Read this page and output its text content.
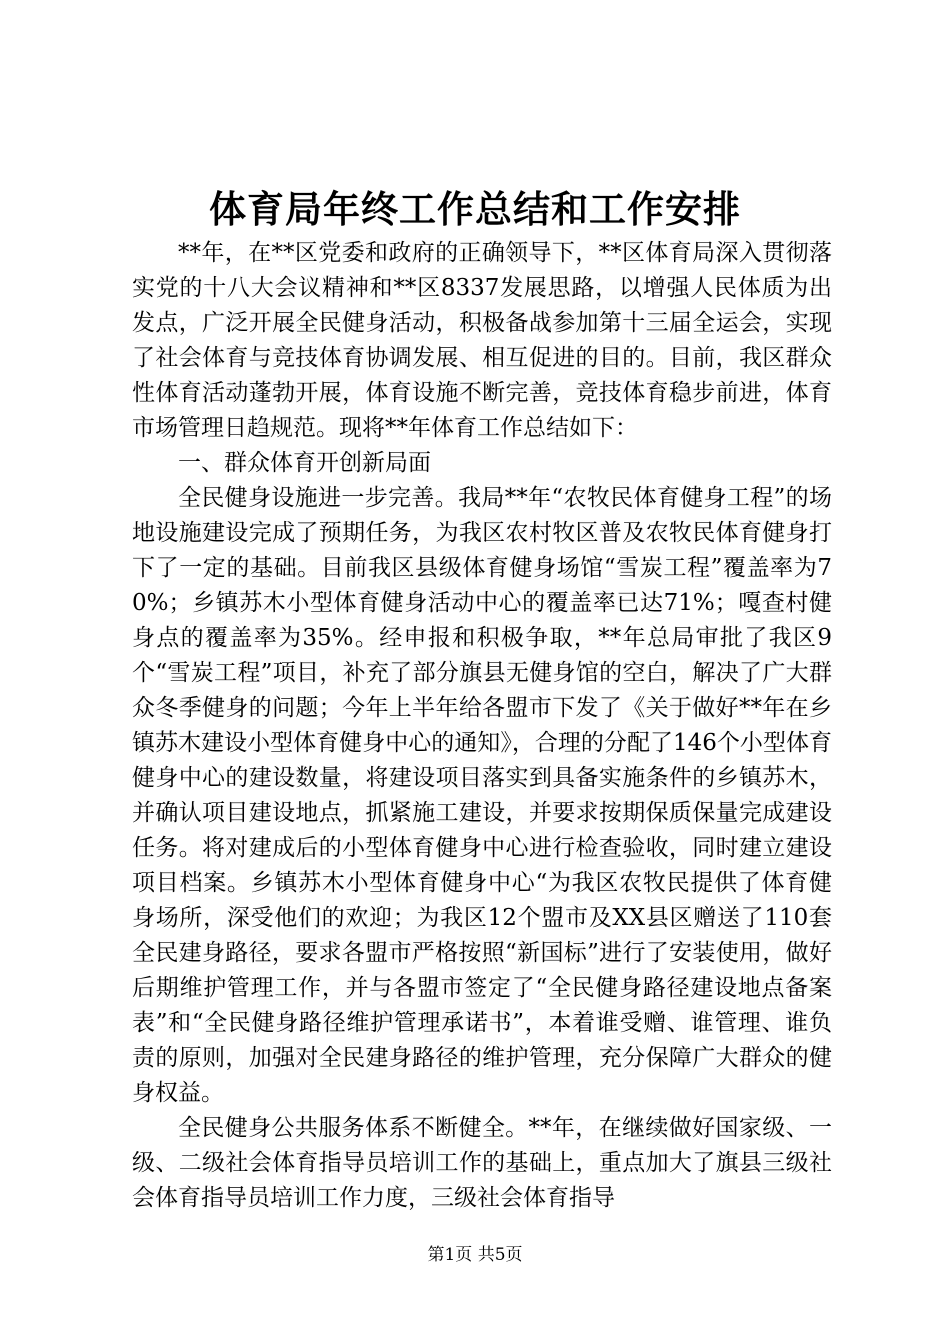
体育局年终工作总结和工作安排

**年，在**区党委和政府的正确领导下，**区体育局深入贯彻落实党的十八大会议精神和**区8337发展思路，以增强人民体质为出发点，广泛开展全民健身活动，积极备战参加第十三届全运会，实现了社会体育与竞技体育协调发展、相互促进的目的。目前，我区群众性体育活动蓬勃开展，体育设施不断完善，竞技体育稳步前进，体育市场管理日趋规范。现将**年体育工作总结如下：

一、群众体育开创新局面

全民健身设施进一步完善。我局**年“农牧民体育健身工程”的场地设施建设完成了预期任务，为我区农村牧区普及农牧民体育健身打下了一定的基础。目前我区县级体育健身场馆“雪炭工程”覆盖率为70%；乡镇苏木小型体育健身活动中心的覆盖率已达71%；嘎查村健身点的覆盖率为35%。经申报和积极争取，**年总局审批了我区9个“雪炭工程”项目，补充了部分旗县无健身馆的空白，解决了广大群众冬季健身的问题；今年上半年给各盟市下发了《关于做好**年在乡镇苏木建设小型体育健身中心的通知》，合理的分配了146个小型体育健身中心的建设数量，将建设项目落实到具备实施条件的乡镇苏木，并确认项目建设地点，抓紧施工建设，并要求按期保质保量完成建设任务。将对建成后的小型体育健身中心进行检查验收，同时建立建设项目档案。乡镇苏木小型体育健身中心“为我区农牧民提供了体育健身场所，深受他们的欢迎；为我区12个盟市及XX县区赠送了110套全民建身路径，要求各盟市严格按照“新国标”进行了安装使用，做好后期维护管理工作，并与各盟市签定了“全民健身路径建设地点备案表”和“全民健身路径维护管理承诺书”，本着谁受赠、谁管理、谁负责的原则，加强对全民建身路径的维护管理，充分保障广大群众的健身权益。

全民健身公共服务体系不断健全。**年，在继续做好国家级、一级、二级社会体育指导员培训工作的基础上，重点加大了旗县三级社会体育指导员培训工作力度，三级社会体育指导

第1页 共5页
